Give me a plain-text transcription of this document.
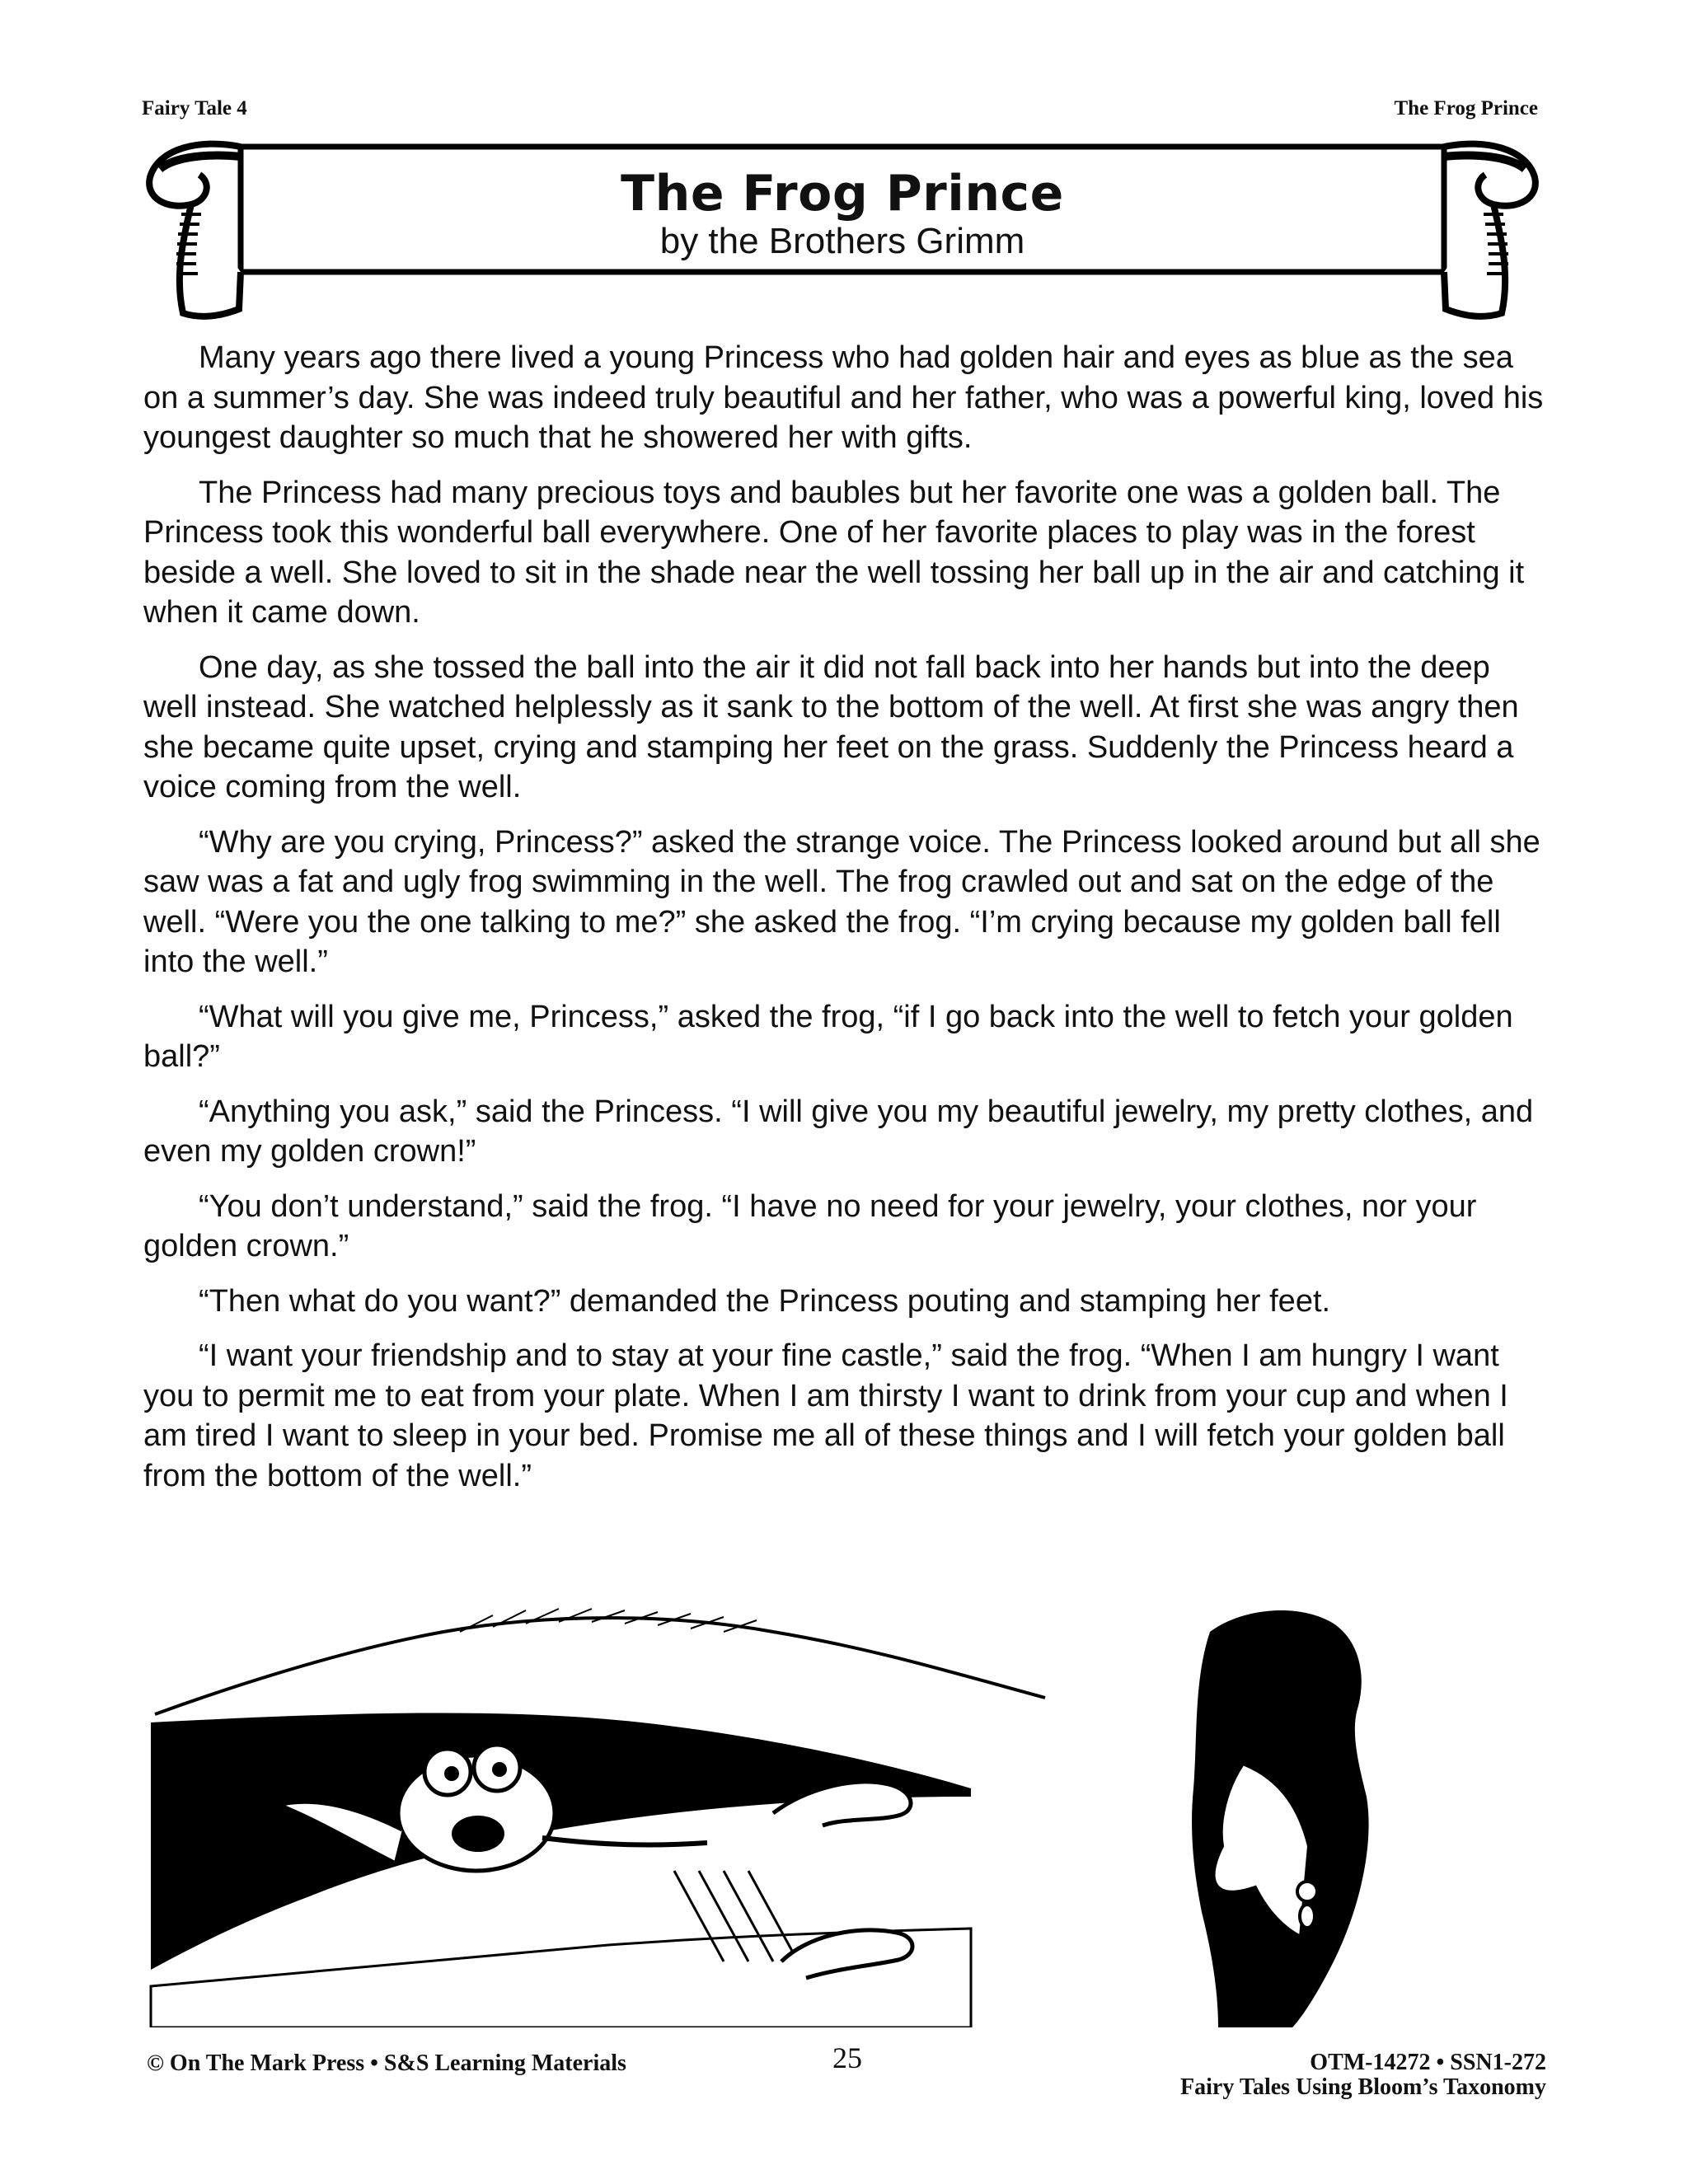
Fairy Tale 4	The Frog Prince
The Frog Prince
by the Brothers Grimm

Many years ago there lived a young Princess who had golden hair and eyes as blue as the sea on a summer’s day. She was indeed truly beautiful and her father, who was a powerful king, loved his youngest daughter so much that he showered her with gifts.

The Princess had many precious toys and baubles but her favorite one was a golden ball. The Princess took this wonderful ball everywhere. One of her favorite places to play was in the forest beside a well. She loved to sit in the shade near the well tossing her ball up in the air and catching it when it came down.

One day, as she tossed the ball into the air it did not fall back into her hands but into the deep well instead. She watched helplessly as it sank to the bottom of the well. At first she was angry then she became quite upset, crying and stamping her feet on the grass. Suddenly the Princess heard a voice coming from the well.

“Why are you crying, Princess?” asked the strange voice. The Princess looked around but all she saw was a fat and ugly frog swimming in the well. The frog crawled out and sat on the edge of the well. “Were you the one talking to me?” she asked the frog. “I’m crying because my golden ball fell into the well.”

“What will you give me, Princess,” asked the frog, “if I go back into the well to fetch your golden ball?”

“Anything you ask,” said the Princess. “I will give you my beautiful jewelry, my pretty clothes, and even my golden crown!”

“You don’t understand,” said the frog. “I have no need for your jewelry, your clothes, nor your golden crown.”

“Then what do you want?” demanded the Princess pouting and stamping her feet.

“I want your friendship and to stay at your fine castle,” said the frog. “When I am hungry I want you to permit me to eat from your plate. When I am thirsty I want to drink from your cup and when I am tired I want to sleep in your bed. Promise me all of these things and I will fetch your golden ball from the bottom of the well.”

© On The Mark Press • S&S Learning Materials	25	OTM-14272 • SSN1-272
Fairy Tales Using Bloom’s Taxonomy
